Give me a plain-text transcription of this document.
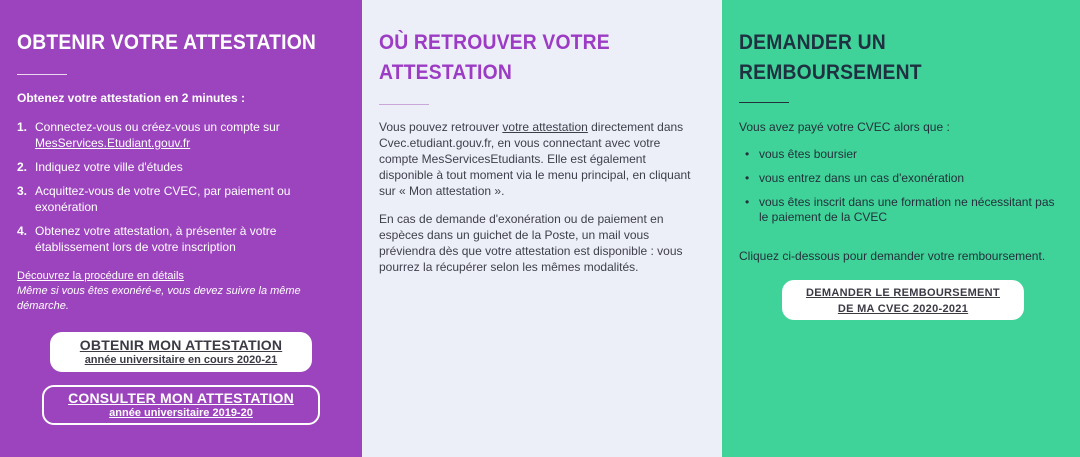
OBTENIR VOTRE ATTESTATION

Obtenez votre attestation en 2 minutes :

1. Connectez-vous ou créez-vous un compte sur MesServices.Etudiant.gouv.fr
2. Indiquez votre ville d'études
3. Acquittez-vous de votre CVEC, par paiement ou exonération
4. Obtenez votre attestation, à présenter à votre établissement lors de votre inscription
Découvrez la procédure en détails
Même si vous êtes exonéré-e, vous devez suivre la même démarche.
OBTENIR MON ATTESTATION
année universitaire en cours 2020-21
CONSULTER MON ATTESTATION
année universitaire 2019-20
OÙ RETROUVER VOTRE ATTESTATION

Vous pouvez retrouver votre attestation directement dans Cvec.etudiant.gouv.fr, en vous connectant avec votre compte MesServicesEtudiants. Elle est également disponible à tout moment via le menu principal, en cliquant sur « Mon attestation ».

En cas de demande d'exonération ou de paiement en espèces dans un guichet de la Poste, un mail vous préviendra dès que votre attestation est disponible : vous pourrez la récupérer selon les mêmes modalités.

DEMANDER UN REMBOURSEMENT

Vous avez payé votre CVEC alors que :

• vous êtes boursier
• vous entrez dans un cas d'exonération
• vous êtes inscrit dans une formation ne nécessitant pas le paiement de la CVEC

Cliquez ci-dessous pour demander votre remboursement.

DEMANDER LE REMBOURSEMENT
DE MA CVEC 2020-2021
